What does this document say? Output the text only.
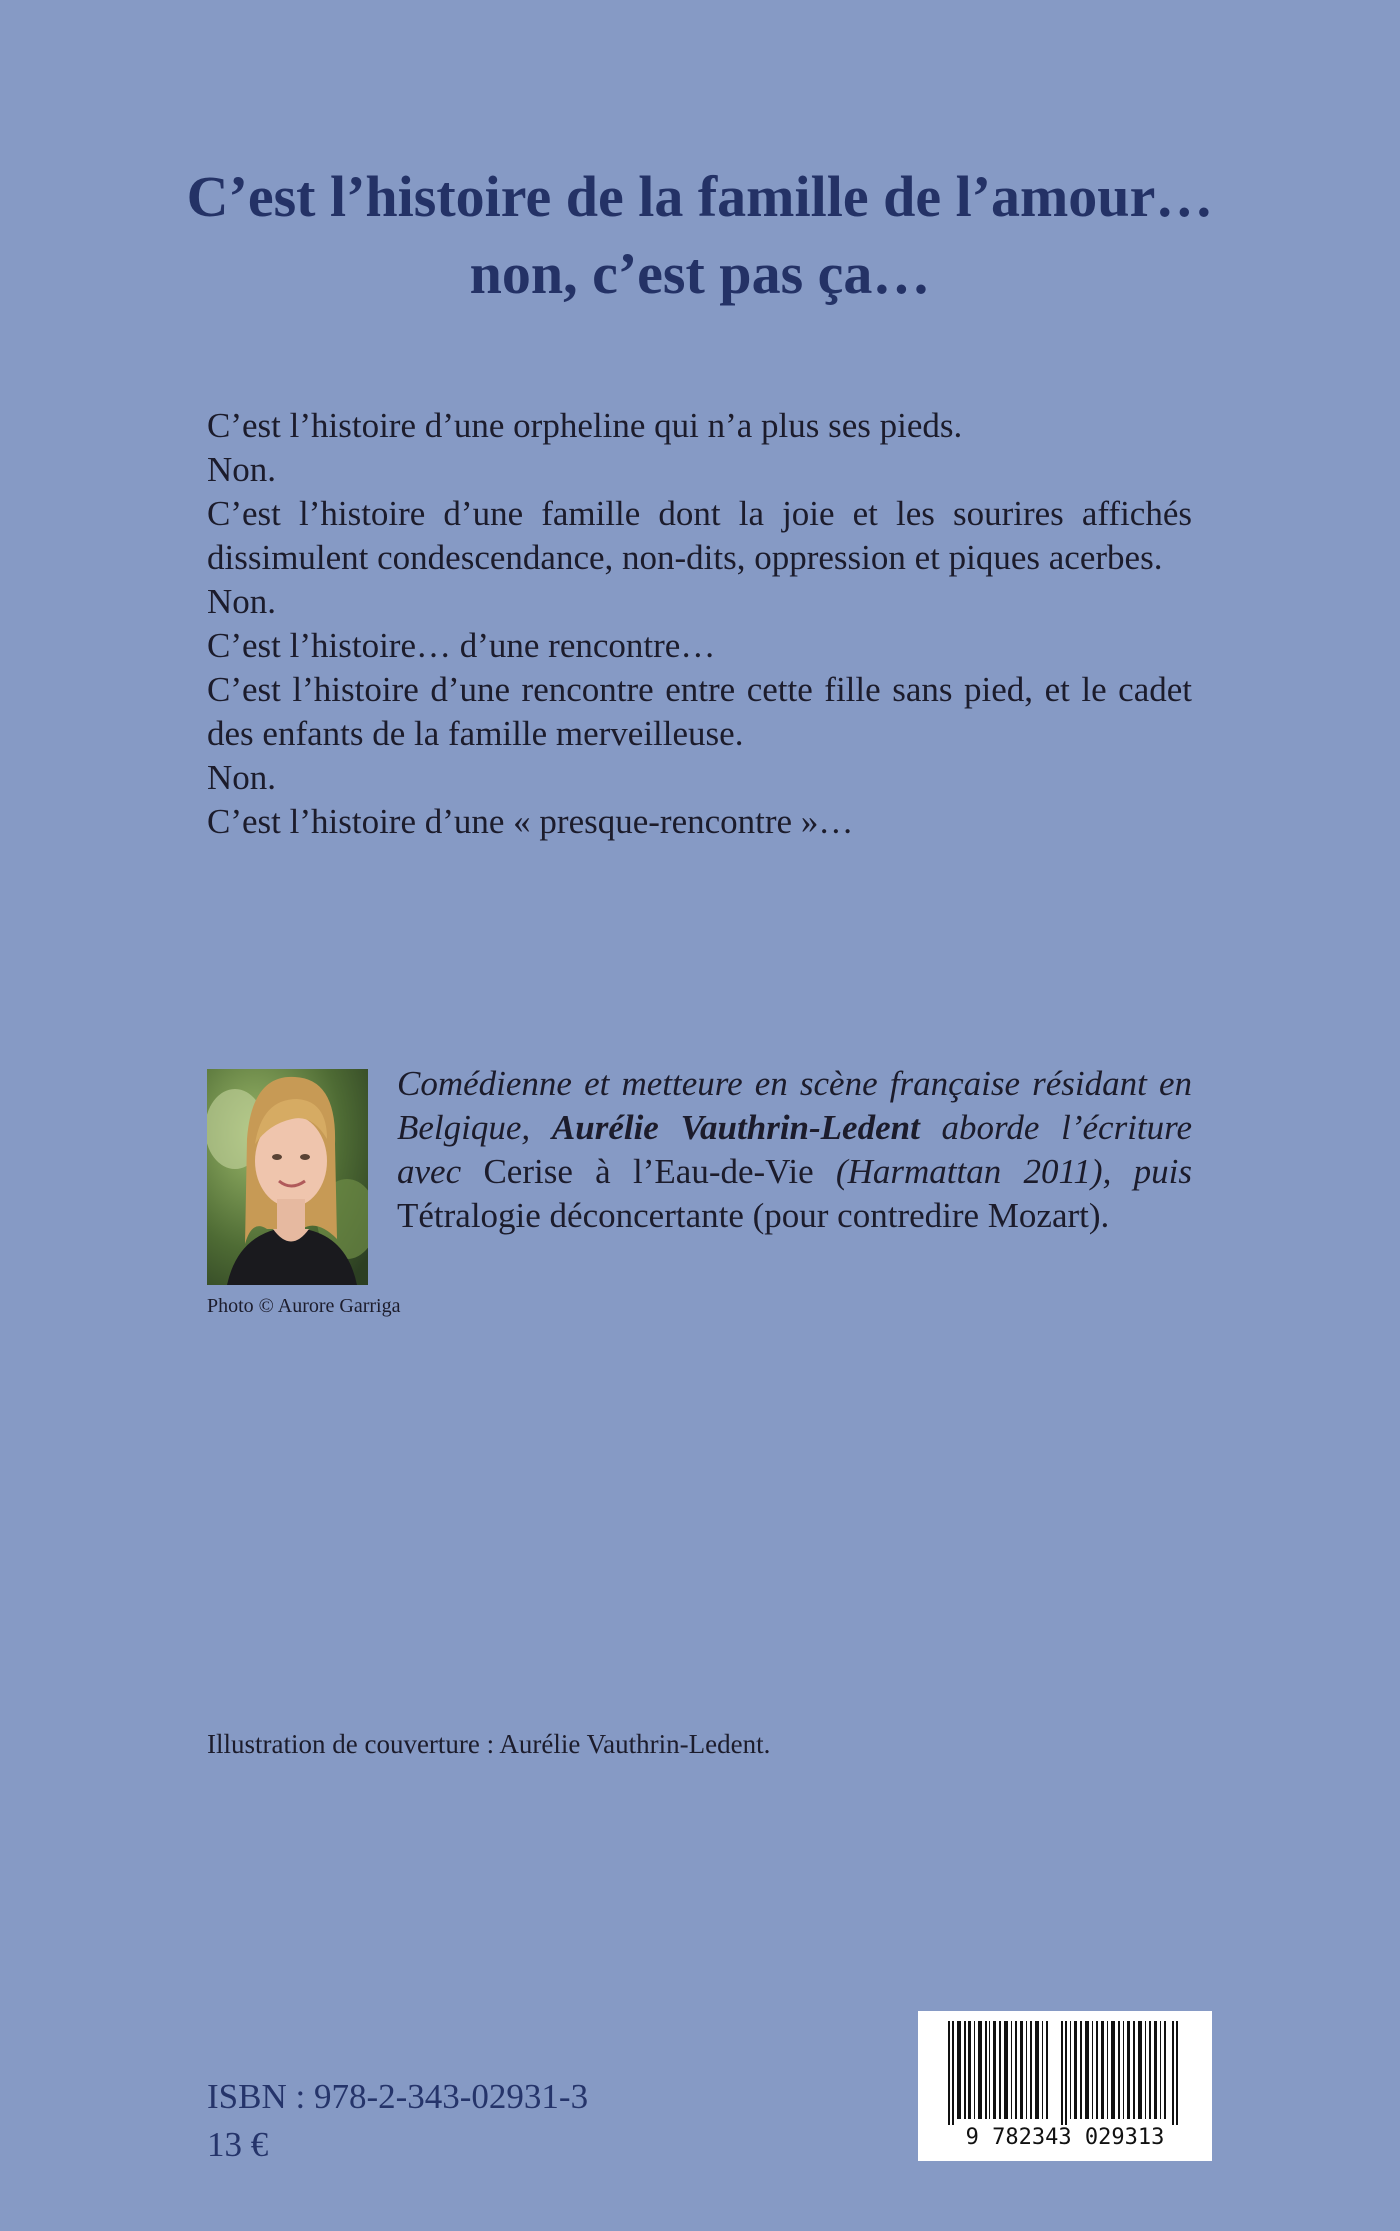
C’est l’histoire de la famille de l’amour…
non, c’est pas ça…

C’est l’histoire d’une orpheline qui n’a plus ses pieds.

Non.

C’est l’histoire d’une famille dont la joie et les sourires affichés dissimulent condescendance, non-dits, oppression et piques acerbes.

Non.

C’est l’histoire… d’une rencontre…

C’est l’histoire d’une rencontre entre cette fille sans pied, et le cadet des enfants de la famille merveilleuse.

Non.

C’est l’histoire d’une « presque-rencontre »…

Photo © Aurore Garriga
Comédienne et metteure en scène française résidant en Belgique, Aurélie Vauthrin-Ledent aborde l’écriture avec Cerise à l’Eau-de-Vie (Harmattan 2011), puis Tétralogie déconcertante (pour contredire Mozart).
Illustration de couverture : Aurélie Vauthrin-Ledent.
ISBN : 978-2-343-02931-3
13 €	9 782343 029313
